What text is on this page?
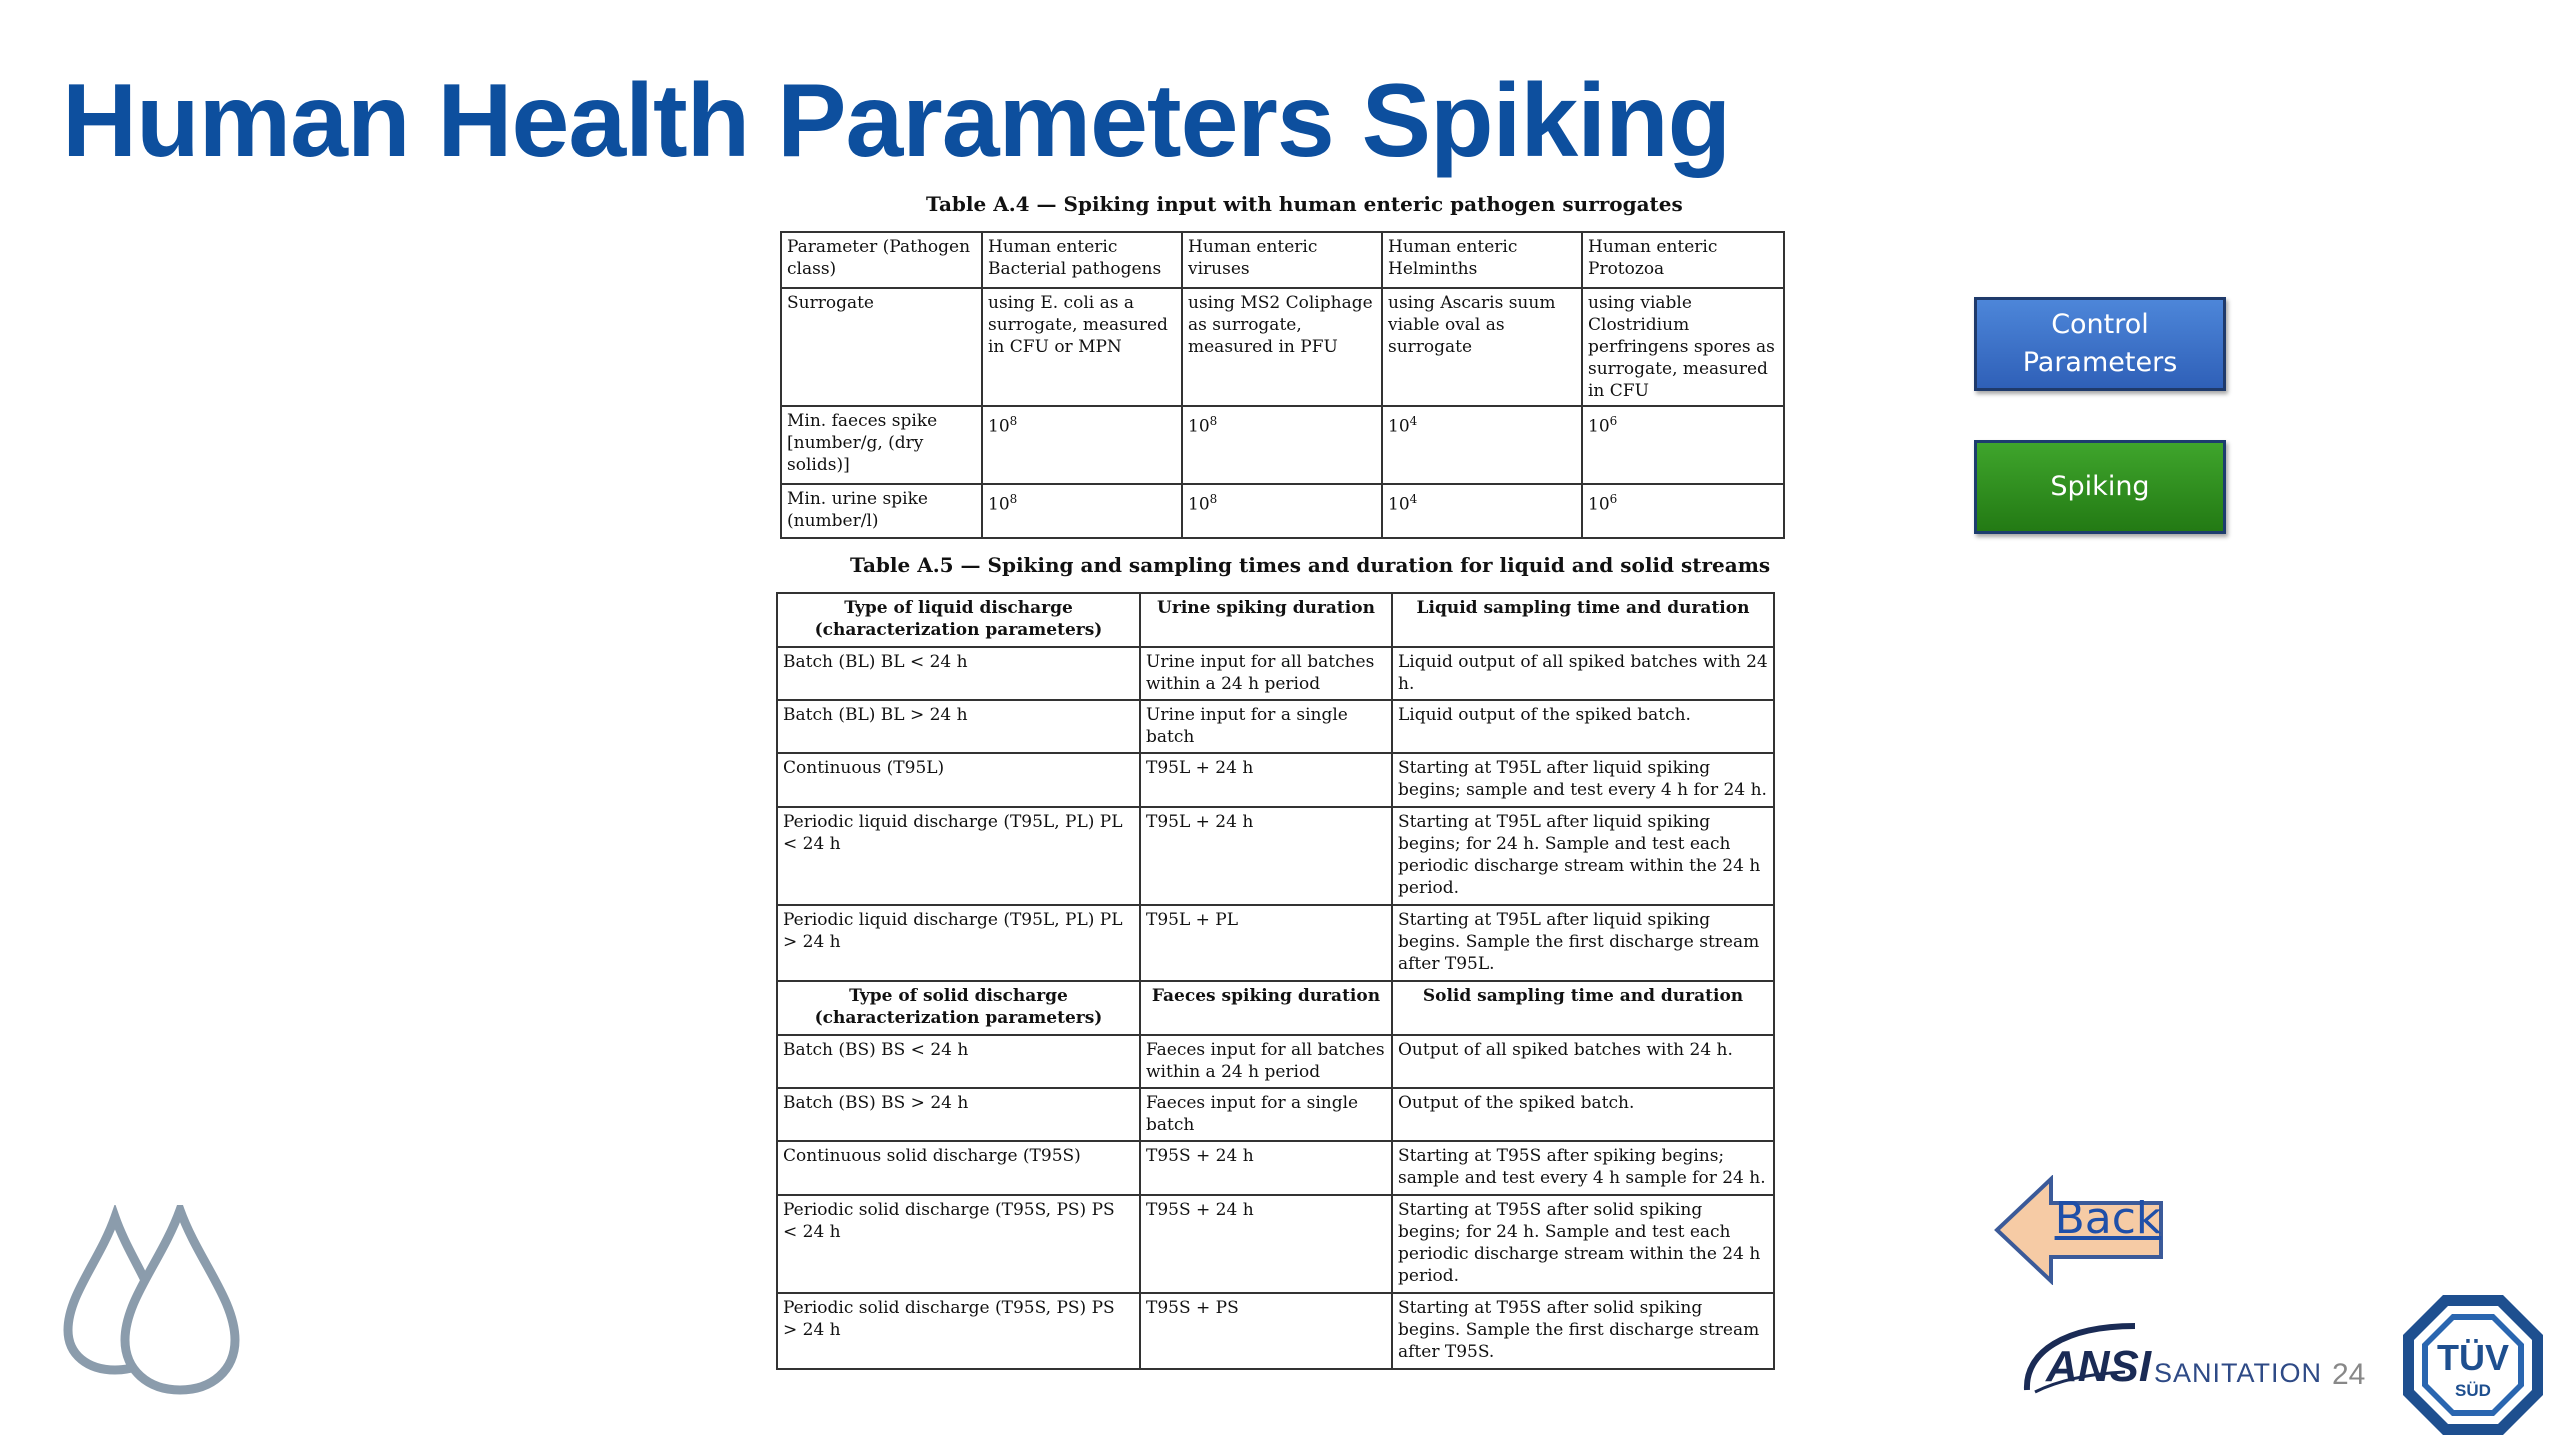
Human Health Parameters Spiking
Table A.4 — Spiking input with human enteric pathogen surrogates
Parameter (Pathogen class)	Human enteric Bacterial pathogens	Human enteric viruses	Human enteric Helminths	Human enteric Protozoa
Surrogate	using E. coli as a surrogate, measured in CFU or MPN	using MS2 Coliphage as surrogate, measured in PFU	using Ascaris suum viable oval as surrogate	using viable Clostridium perfringens spores as surrogate, measured in CFU
Min. faeces spike [number/g, (dry solids)]	$10^8$	$10^8$	$10^4$	$10^6$
Min. urine spike (number/l)	$10^8$	$10^8$	$10^4$	$10^6$
Table A.5 — Spiking and sampling times and duration for liquid and solid streams
Type of liquid discharge (characterization parameters)	Urine spiking duration	Liquid sampling time and duration
Batch (BL) BL < 24 h	Urine input for all batches within a 24 h period	Liquid output of all spiked batches with 24 h.
Batch (BL) BL > 24 h	Urine input for a single batch	Liquid output of the spiked batch.
Continuous (T95L)	T95L + 24 h	Starting at T95L after liquid spiking begins; sample and test every 4 h for 24 h.
Periodic liquid discharge (T95L, PL) PL < 24 h	T95L + 24 h	Starting at T95L after liquid spiking begins; for 24 h. Sample and test each periodic discharge stream within the 24 h period.
Periodic liquid discharge (T95L, PL) PL > 24 h	T95L + PL	Starting at T95L after liquid spiking begins. Sample the first discharge stream after T95L.
Type of solid discharge (characterization parameters)	Faeces spiking duration	Solid sampling time and duration
Batch (BS) BS < 24 h	Faeces input for all batches within a 24 h period	Output of all spiked batches with 24 h.
Batch (BS) BS > 24 h	Faeces input for a single batch	Output of the spiked batch.
Continuous solid discharge (T95S)	T95S + 24 h	Starting at T95S after spiking begins; sample and test every 4 h sample for 24 h.
Periodic solid discharge (T95S, PS) PS < 24 h	T95S + 24 h	Starting at T95S after solid spiking begins; for 24 h. Sample and test each periodic discharge stream within the 24 h period.
Periodic solid discharge (T95S, PS) PS > 24 h	T95S + PS	Starting at T95S after solid spiking begins. Sample the first discharge stream after T95S.
Control Parameters
Spiking
Back
ANSI SANITATION 24 TÜV
SÜD
